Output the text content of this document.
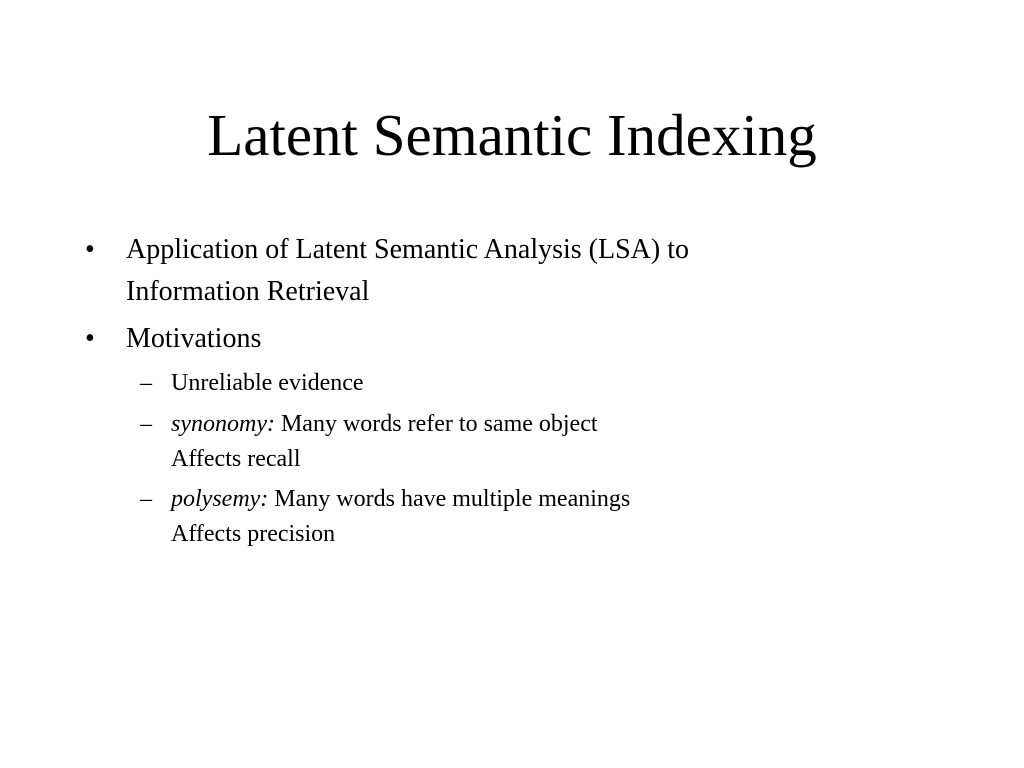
Latent Semantic Indexing
• Application of Latent Semantic Analysis (LSA) to
Information Retrieval
• Motivations
– Unreliable evidence
– synonomy: Many words refer to same object
Affects recall
– polysemy: Many words have multiple meanings
Affects precision
